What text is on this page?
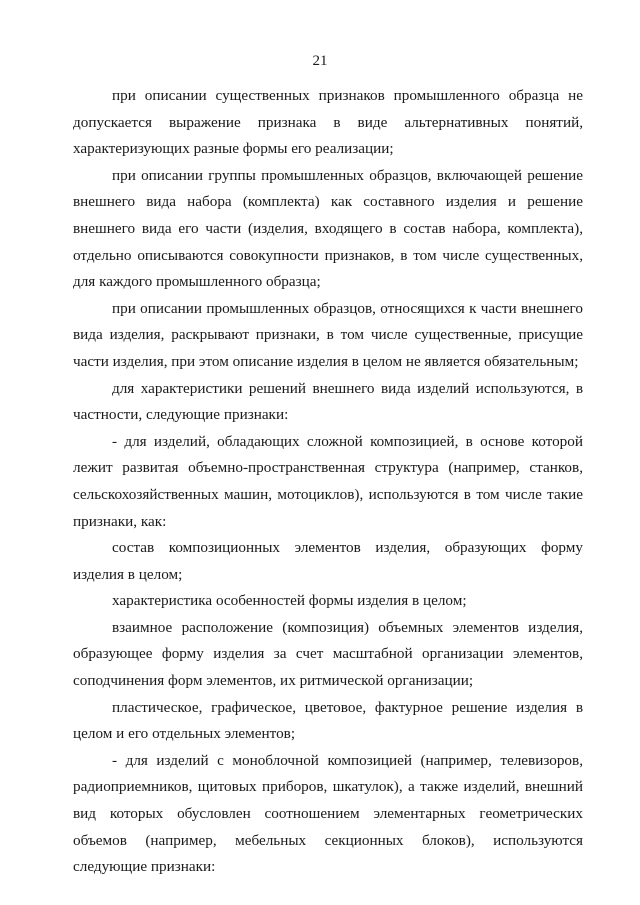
21

при описании существенных признаков промышленного образца не допускается выражение признака в виде альтернативных понятий, характеризующих разные формы его реализации;

при описании группы промышленных образцов, включающей решение внешнего вида набора (комплекта) как составного изделия и решение внешнего вида его части (изделия, входящего в состав набора, комплекта), отдельно описываются совокупности признаков, в том числе существенных, для каждого промышленного образца;

при описании промышленных образцов, относящихся к части внешнего вида изделия, раскрывают признаки, в том числе существенные, присущие части изделия, при этом описание изделия в целом не является обязательным;

для характеристики решений внешнего вида изделий используются, в частности, следующие признаки:

- для изделий, обладающих сложной композицией, в основе которой лежит развитая объемно-пространственная структура (например, станков, сельскохозяйственных машин, мотоциклов), используются в том числе такие признаки, как:

состав композиционных элементов изделия, образующих форму изделия в целом;

характеристика особенностей формы изделия в целом;

взаимное расположение (композиция) объемных элементов изделия, образующее форму изделия за счет масштабной организации элементов, соподчинения форм элементов, их ритмической организации;

пластическое, графическое, цветовое, фактурное решение изделия в целом и его отдельных элементов;

- для изделий с моноблочной композицией (например, телевизоров, радиоприемников, щитовых приборов, шкатулок), а также изделий, внешний вид которых обусловлен соотношением элементарных геометрических объемов (например, мебельных секционных блоков), используются следующие признаки:
